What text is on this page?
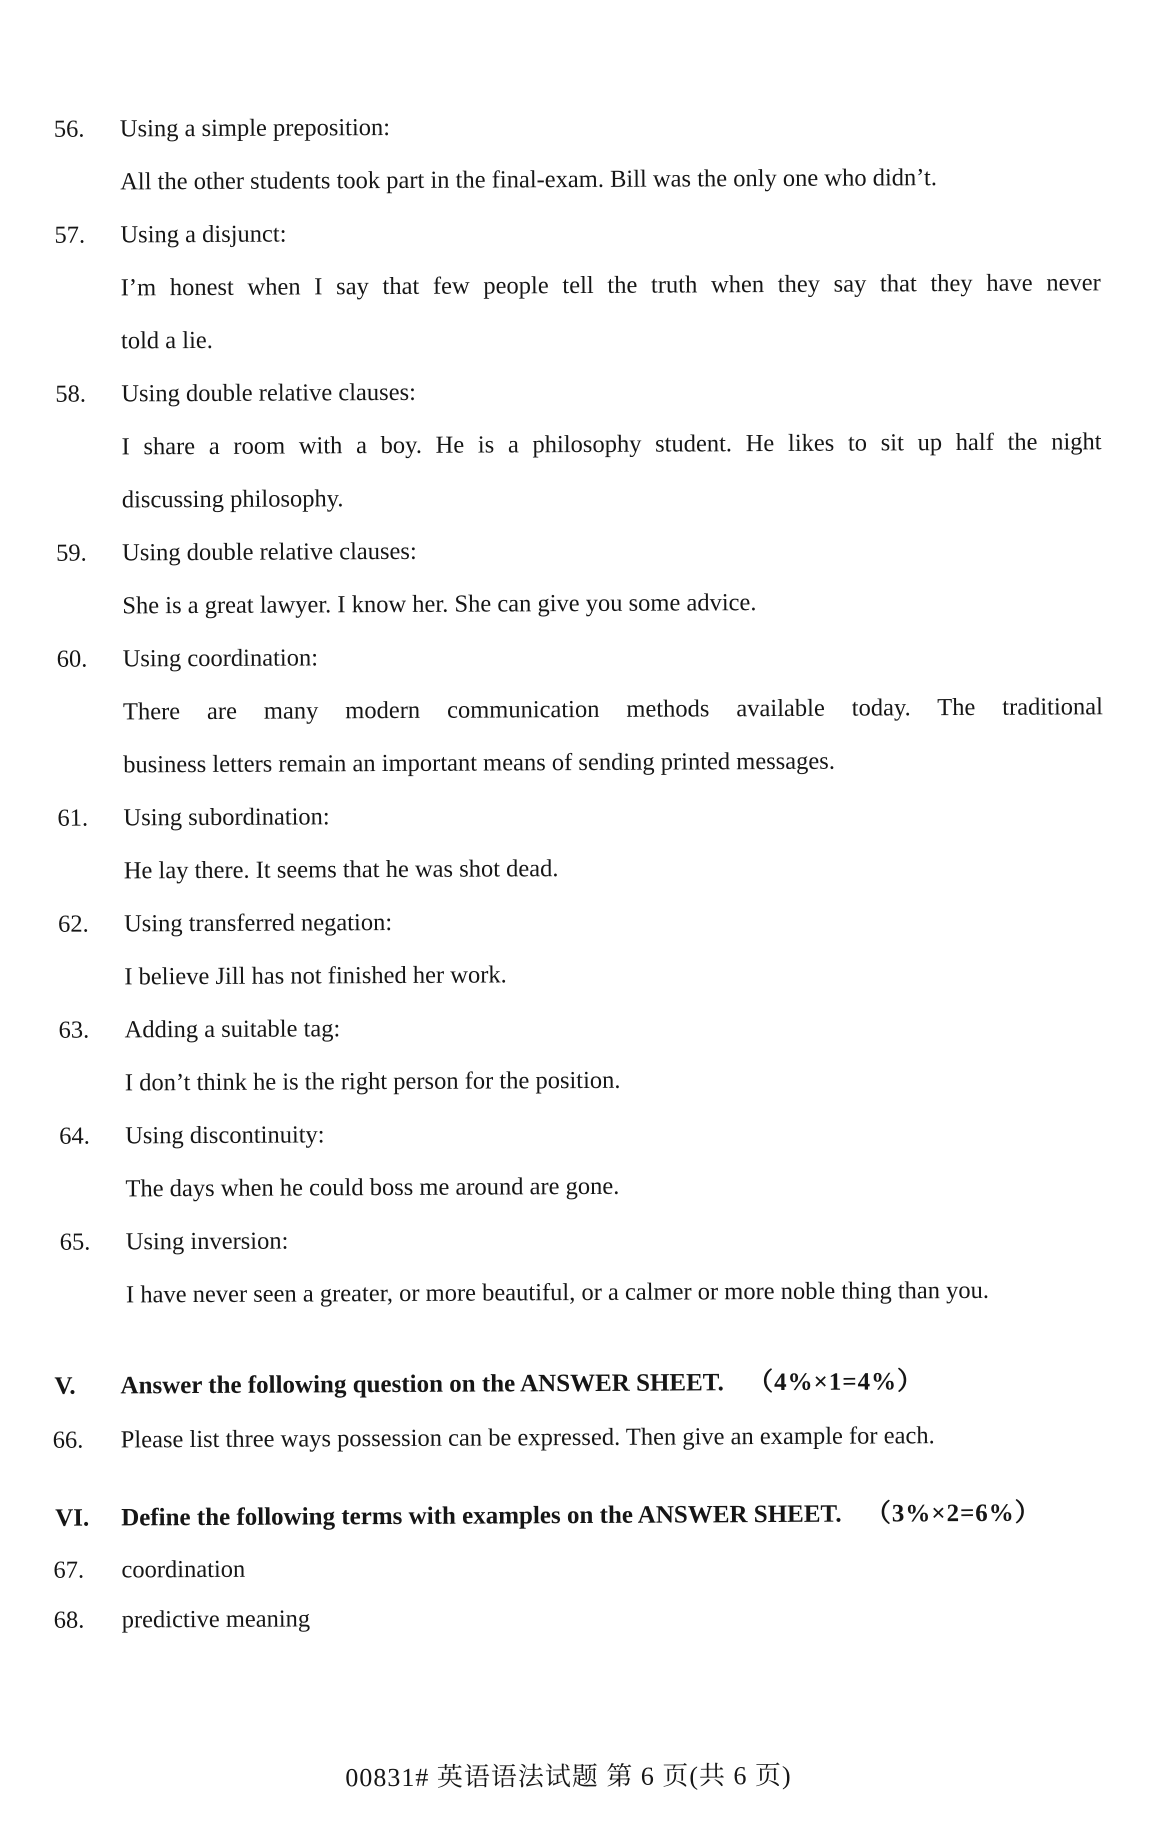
56. Using a simple preposition:
All the other students took part in the final-exam. Bill was the only one who didn’t.
57. Using a disjunct:
I’m honest when I say that few people tell the truth when they say that they have never
told a lie.
58. Using double relative clauses:
I share a room with a boy. He is a philosophy student. He likes to sit up half the night
discussing philosophy.
59. Using double relative clauses:
She is a great lawyer. I know her. She can give you some advice.
60. Using coordination:
There are many modern communication methods available today. The traditional
business letters remain an important means of sending printed messages.
61. Using subordination:
He lay there. It seems that he was shot dead.
62. Using transferred negation:
I believe Jill has not finished her work.
63. Adding a suitable tag:
I don’t think he is the right person for the position.
64. Using discontinuity:
The days when he could boss me around are gone.
65. Using inversion:
I have never seen a greater, or more beautiful, or a calmer or more noble thing than you.
V. Answer the following question on the ANSWER SHEET. （4%×1=4%）
66. Please list three ways possession can be expressed. Then give an example for each.
VI. Define the following terms with examples on the ANSWER SHEET. （3%×2=6%）
67. coordination
68. predictive meaning
00831# 英语语法试题 第 6 页(共 6 页)
